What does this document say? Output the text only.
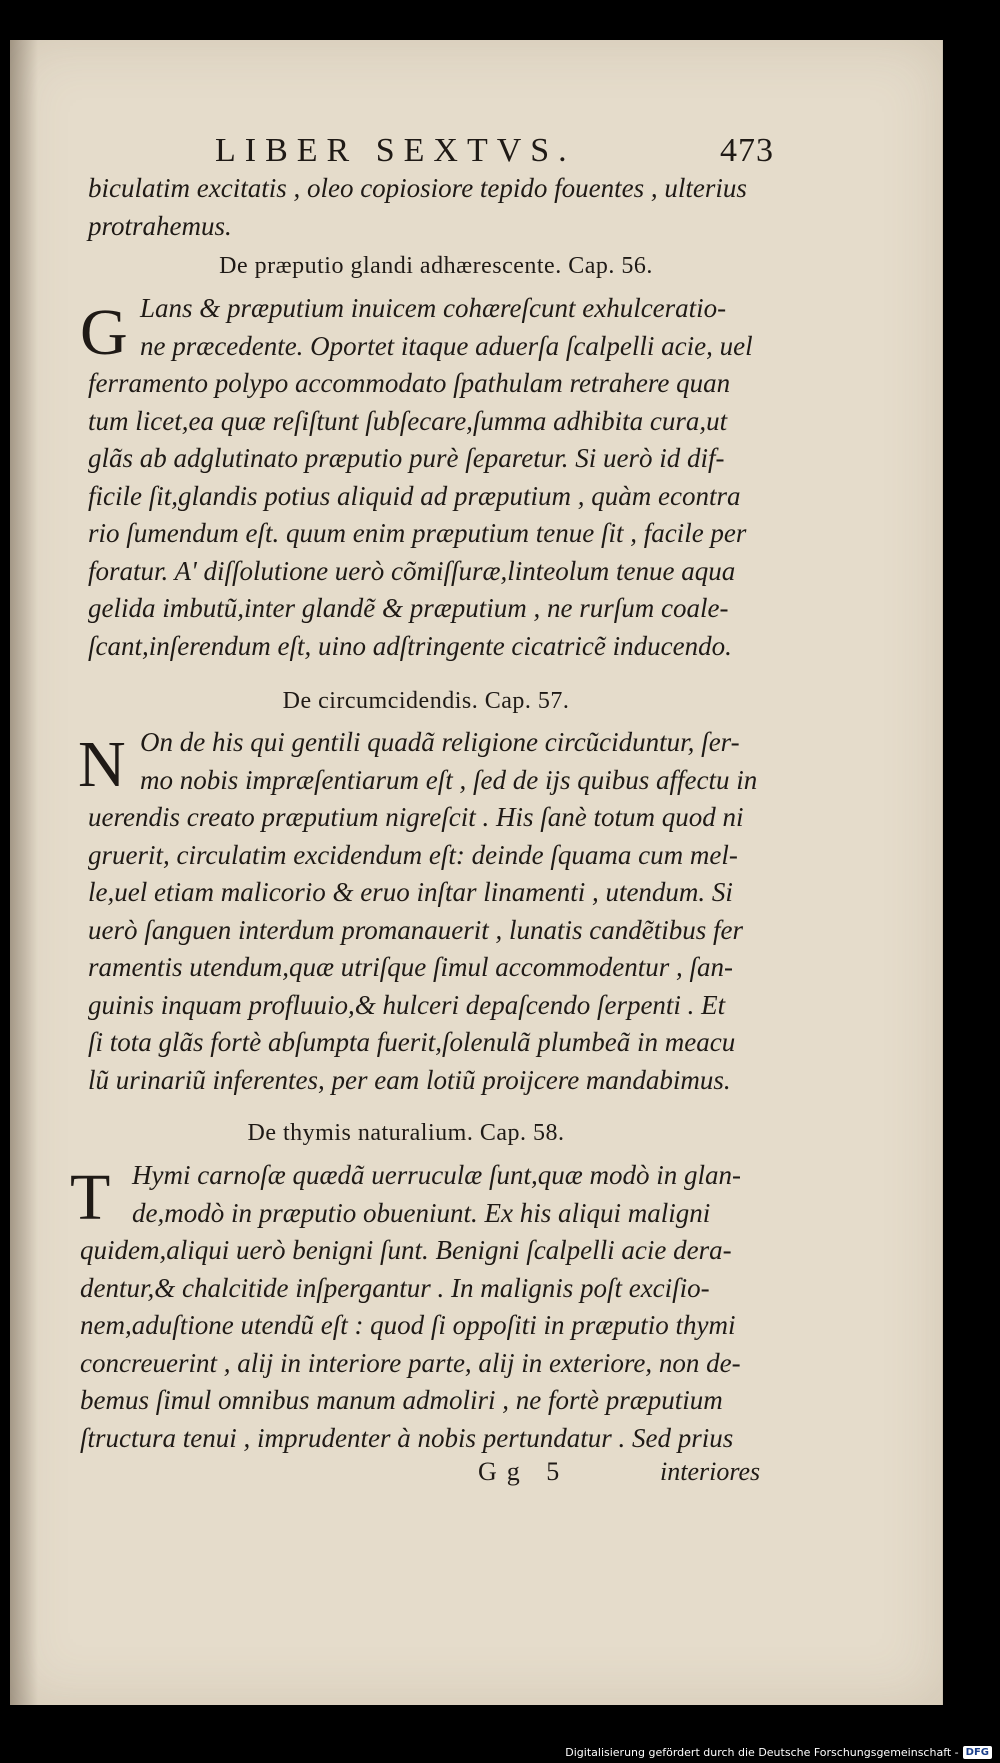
LIBER SEXTVS.	473

biculatim excitatis , oleo copiosiore tepido fouentes , ulterius
protrahemus.

De præputio glandi adhærescente. Cap. 56.
G Lans & præputium inuicem cohæreſcunt exhulceratio-
ne præcedente. Oportet itaque aduerſa ſcalpelli acie, uel
ferramento polypo accommodato ſpathulam retrahere quan
tum licet,ea quæ reſiſtunt ſubſecare,ſumma adhibita cura,ut
glãs ab adglutinato præputio purè ſeparetur. Si uerò id dif-
ficile ſit,glandis potius aliquid ad præputium , quàm econtra
rio ſumendum eſt. quum enim præputium tenue ſit , facile per
foratur. A' diſſolutione uerò cõmiſſuræ,linteolum tenue aqua
gelida imbutũ,inter glandẽ & præputium , ne rurſum coale-
ſcant,inſerendum eſt, uino adſtringente cicatricẽ inducendo.

De circumcidendis. Cap. 57.
N On de his qui gentili quadã religione circũciduntur, ſer-
mo nobis impræſentiarum eſt , ſed de ijs quibus affectu in
uerendis creato præputium nigreſcit . His ſanè totum quod ni
gruerit, circulatim excidendum eſt: deinde ſquama cum mel-
le,uel etiam malicorio & eruo inſtar linamenti , utendum. Si
uerò ſanguen interdum promanauerit , lunatis candẽtibus fer
ramentis utendum,quæ utriſque ſimul accommodentur , ſan-
guinis inquam profluuio,& hulceri depaſcendo ſerpenti . Et
ſi tota glãs fortè abſumpta fuerit,ſolenulã plumbeã in meacu
lũ urinariũ inferentes, per eam lotiũ proijcere mandabimus.

De thymis naturalium. Cap. 58.
T Hymi carnoſæ quædã uerruculæ ſunt,quæ modò in glan-
de,modò in præputio obueniunt. Ex his aliqui maligni
quidem,aliqui uerò benigni ſunt. Benigni ſcalpelli acie dera-
dentur,& chalcitide inſpergantur . In malignis poſt exciſio-
nem,aduſtione utendũ eſt : quod ſi oppoſiti in præputio thymi
concreuerint , alij in interiore parte, alij in exteriore, non de-
bemus ſimul omnibus manum admoliri , ne fortè præputium
ſtructura tenui , imprudenter à nobis pertundatur . Sed prius

Gg 5	interiores
Digitalisierung gefördert durch die Deutsche Forschungsgemeinschaft - DFG
